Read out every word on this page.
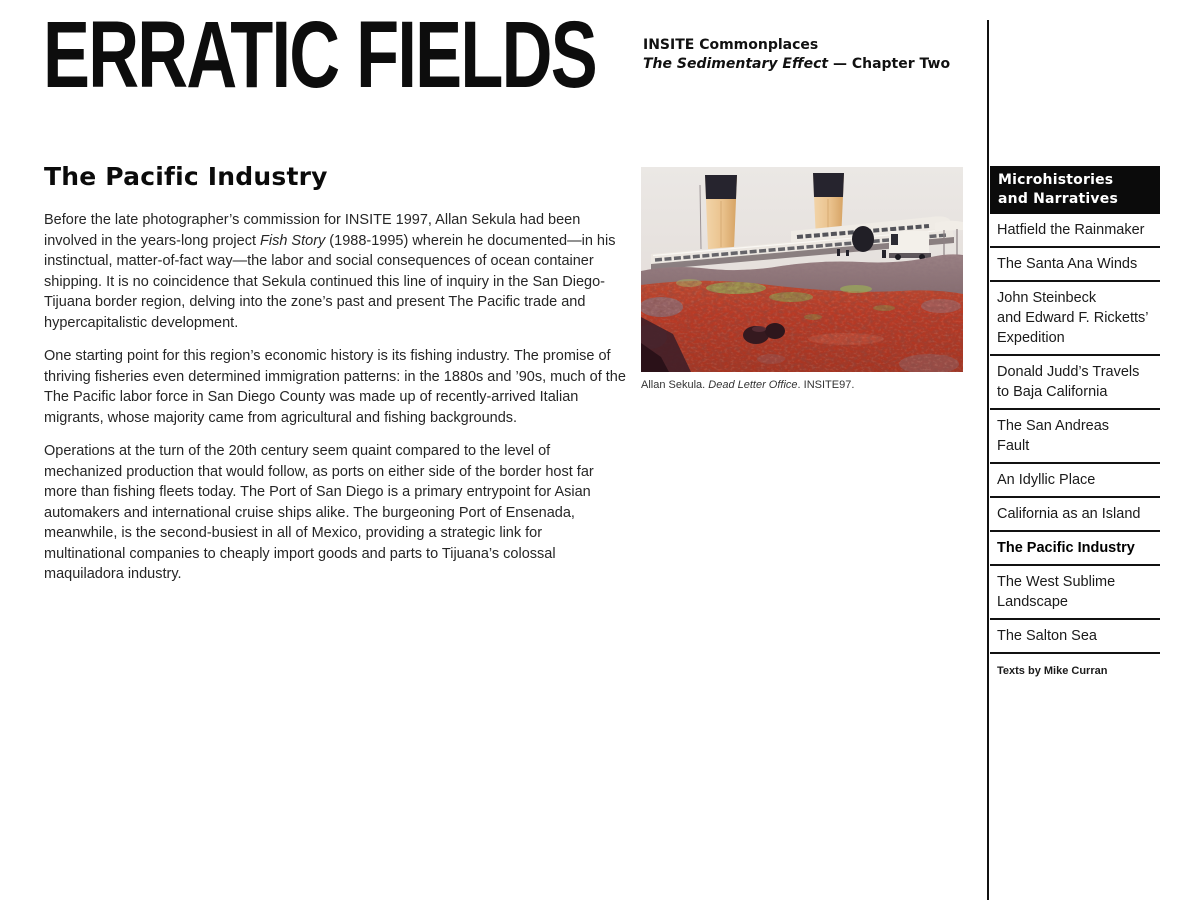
ERRATIC FIELDS	INSITE Commonplaces
The Sedimentary Effect — Chapter Two
The Pacific Industry

Before the late photographer’s commission for INSITE 1997, Allan Sekula had been involved in the years-long project Fish Story (1988-1995) wherein he documented—in his instinctual, matter-of-fact way—the labor and social consequences of ocean container shipping. It is no coincidence that Sekula continued this line of inquiry in the San Diego-Tijuana border region, delving into the zone’s past and present The Pacific trade and hypercapitalistic development.

One starting point for this region’s economic history is its fishing industry. The promise of thriving fisheries even determined immigration patterns: in the 1880s and ’90s, much of the The Pacific labor force in San Diego County was made up of recently-arrived Italian migrants, whose majority came from agricultural and fishing backgrounds.

Operations at the turn of the 20th century seem quaint compared to the level of mechanized production that would follow, as ports on either side of the border host far more than fishing fleets today. The Port of San Diego is a primary entrypoint for Asian automakers and international cruise ships alike. The burgeoning Port of Ensenada, meanwhile, is the second-busiest in all of Mexico, providing a strategic link for multinational companies to cheaply import goods and parts to Tijuana’s colossal maquiladora industry.

Allan Sekula. Dead Letter Office. INSITE97.
Microhistories
and Narratives
Hatfield the Rainmaker
The Santa Ana Winds
John Steinbeck
and Edward F. Ricketts’
Expedition
Donald Judd’s Travels
to Baja California
The San Andreas
Fault
An Idyllic Place
California as an Island
The Pacific Industry
The West Sublime
Landscape
The Salton Sea
Texts by Mike Curran
